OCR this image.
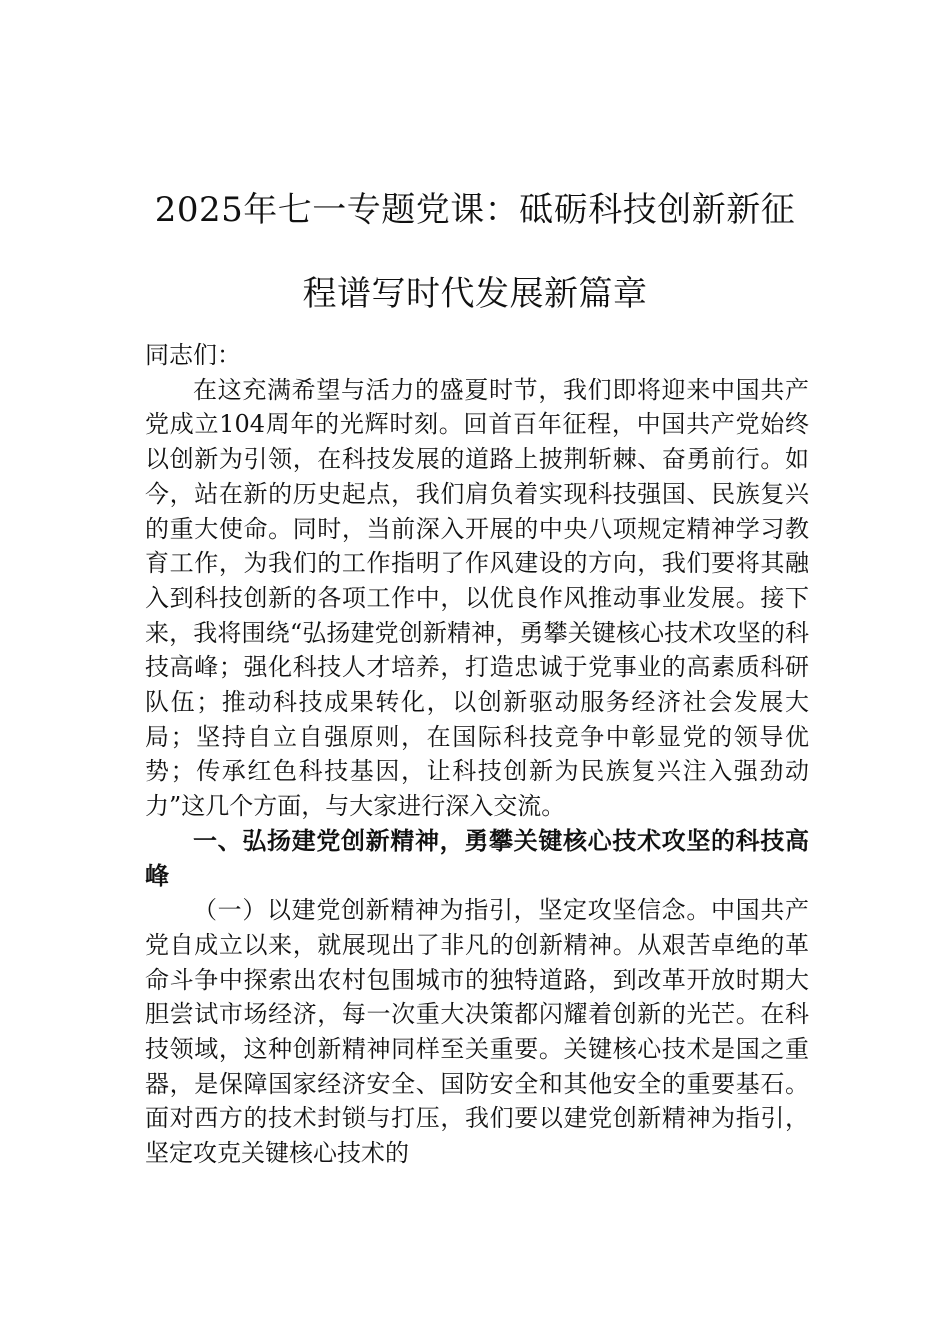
2025年七一专题党课：砥砺科技创新新征
程谱写时代发展新篇章

同志们：

在这充满希望与活力的盛夏时节，我们即将迎来中国共产党成立104周年的光辉时刻。回首百年征程，中国共产党始终以创新为引领，在科技发展的道路上披荆斩棘、奋勇前行。如今，站在新的历史起点，我们肩负着实现科技强国、民族复兴的重大使命。同时，当前深入开展的中央八项规定精神学习教育工作，为我们的工作指明了作风建设的方向，我们要将其融入到科技创新的各项工作中，以优良作风推动事业发展。接下来，我将围绕“弘扬建党创新精神，勇攀关键核心技术攻坚的科技高峰；强化科技人才培养，打造忠诚于党事业的高素质科研队伍；推动科技成果转化，以创新驱动服务经济社会发展大局；坚持自立自强原则，在国际科技竞争中彰显党的领导优势；传承红色科技基因，让科技创新为民族复兴注入强劲动力”这几个方面，与大家进行深入交流。

一、弘扬建党创新精神，勇攀关键核心技术攻坚的科技高峰

（一）以建党创新精神为指引，坚定攻坚信念。中国共产党自成立以来，就展现出了非凡的创新精神。从艰苦卓绝的革命斗争中探索出农村包围城市的独特道路，到改革开放时期大胆尝试市场经济，每一次重大决策都闪耀着创新的光芒。在科技领域，这种创新精神同样至关重要。关键核心技术是国之重器，是保障国家经济安全、国防安全和其他安全的重要基石。面对西方的技术封锁与打压，我们要以建党创新精神为指引，坚定攻克关键核心技术的
